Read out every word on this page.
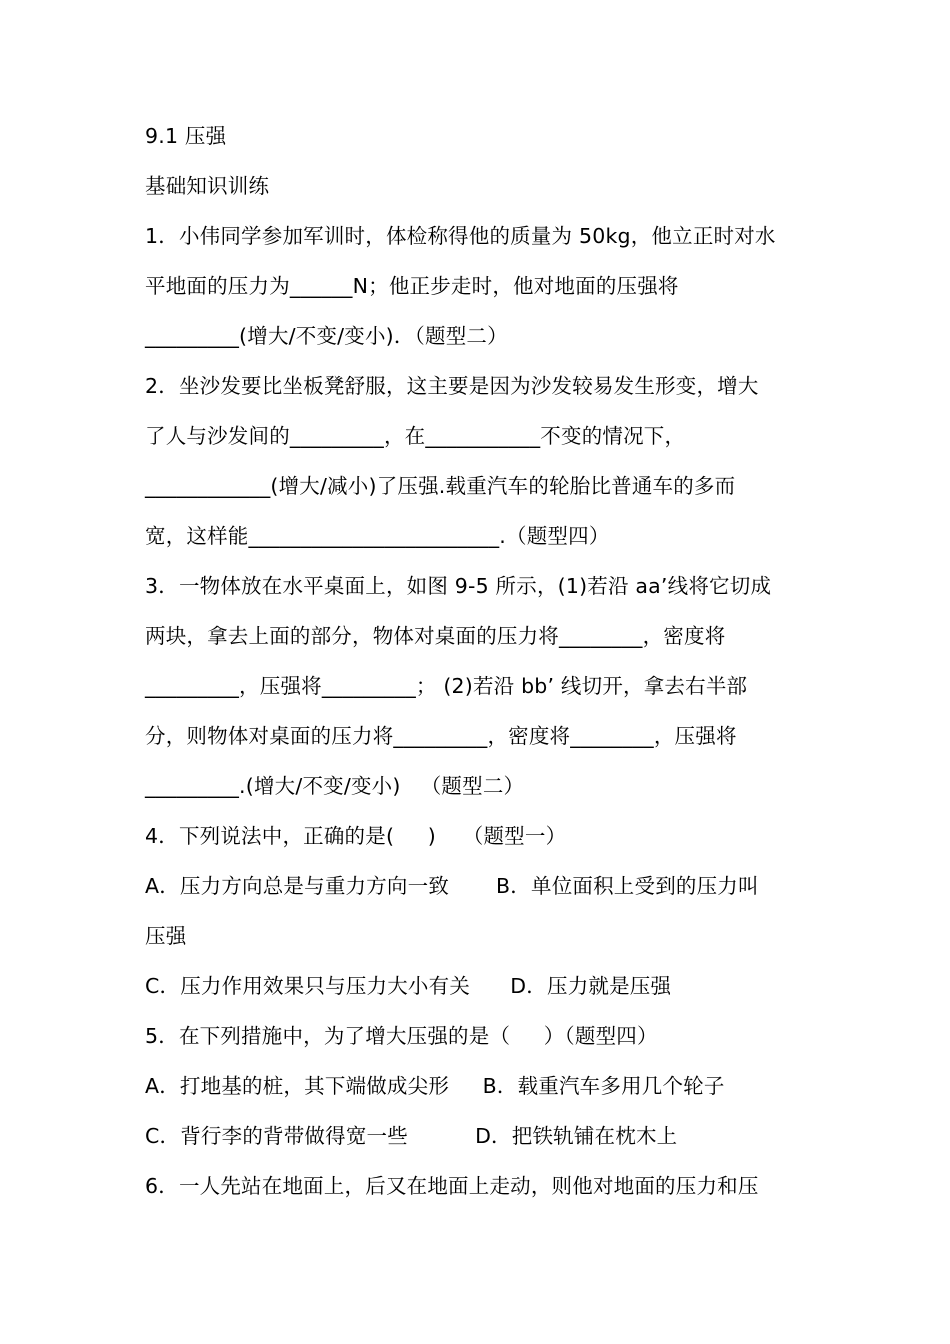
9.1 压强
基础知识训练
1．小伟同学参加军训时，体检称得他的质量为 50kg，他立正时对水
平地面的压力为______N；他正步走时，他对地面的压强将
_________(增大/不变/变小)．（题型二）
2．坐沙发要比坐板凳舒服，这主要是因为沙发较易发生形变，增大
了人与沙发间的_________，在___________不变的情况下，
____________(增大/减小)了压强.载重汽车的轮胎比普通车的多而
宽，这样能________________________.（题型四）
3．一物体放在水平桌面上，如图 9-5 所示，(1)若沿 aa’线将它切成
两块，拿去上面的部分，物体对桌面的压力将________，密度将
_________，压强将_________； (2)若沿 bb’ 线切开，拿去右半部
分，则物体对桌面的压力将_________，密度将________，压强将
_________.(增大/不变/变小)   （题型二）
4．下列说法中，正确的是(     )    （题型一）
A．压力方向总是与重力方向一致       B．单位面积上受到的压力叫
压强
C．压力作用效果只与压力大小有关      D．压力就是压强
5．在下列措施中，为了增大压强的是（     ）（题型四）
A．打地基的桩，其下端做成尖形     B．载重汽车多用几个轮子
C．背行李的背带做得宽一些          D．把铁轨铺在枕木上
6．一人先站在地面上，后又在地面上走动，则他对地面的压力和压
